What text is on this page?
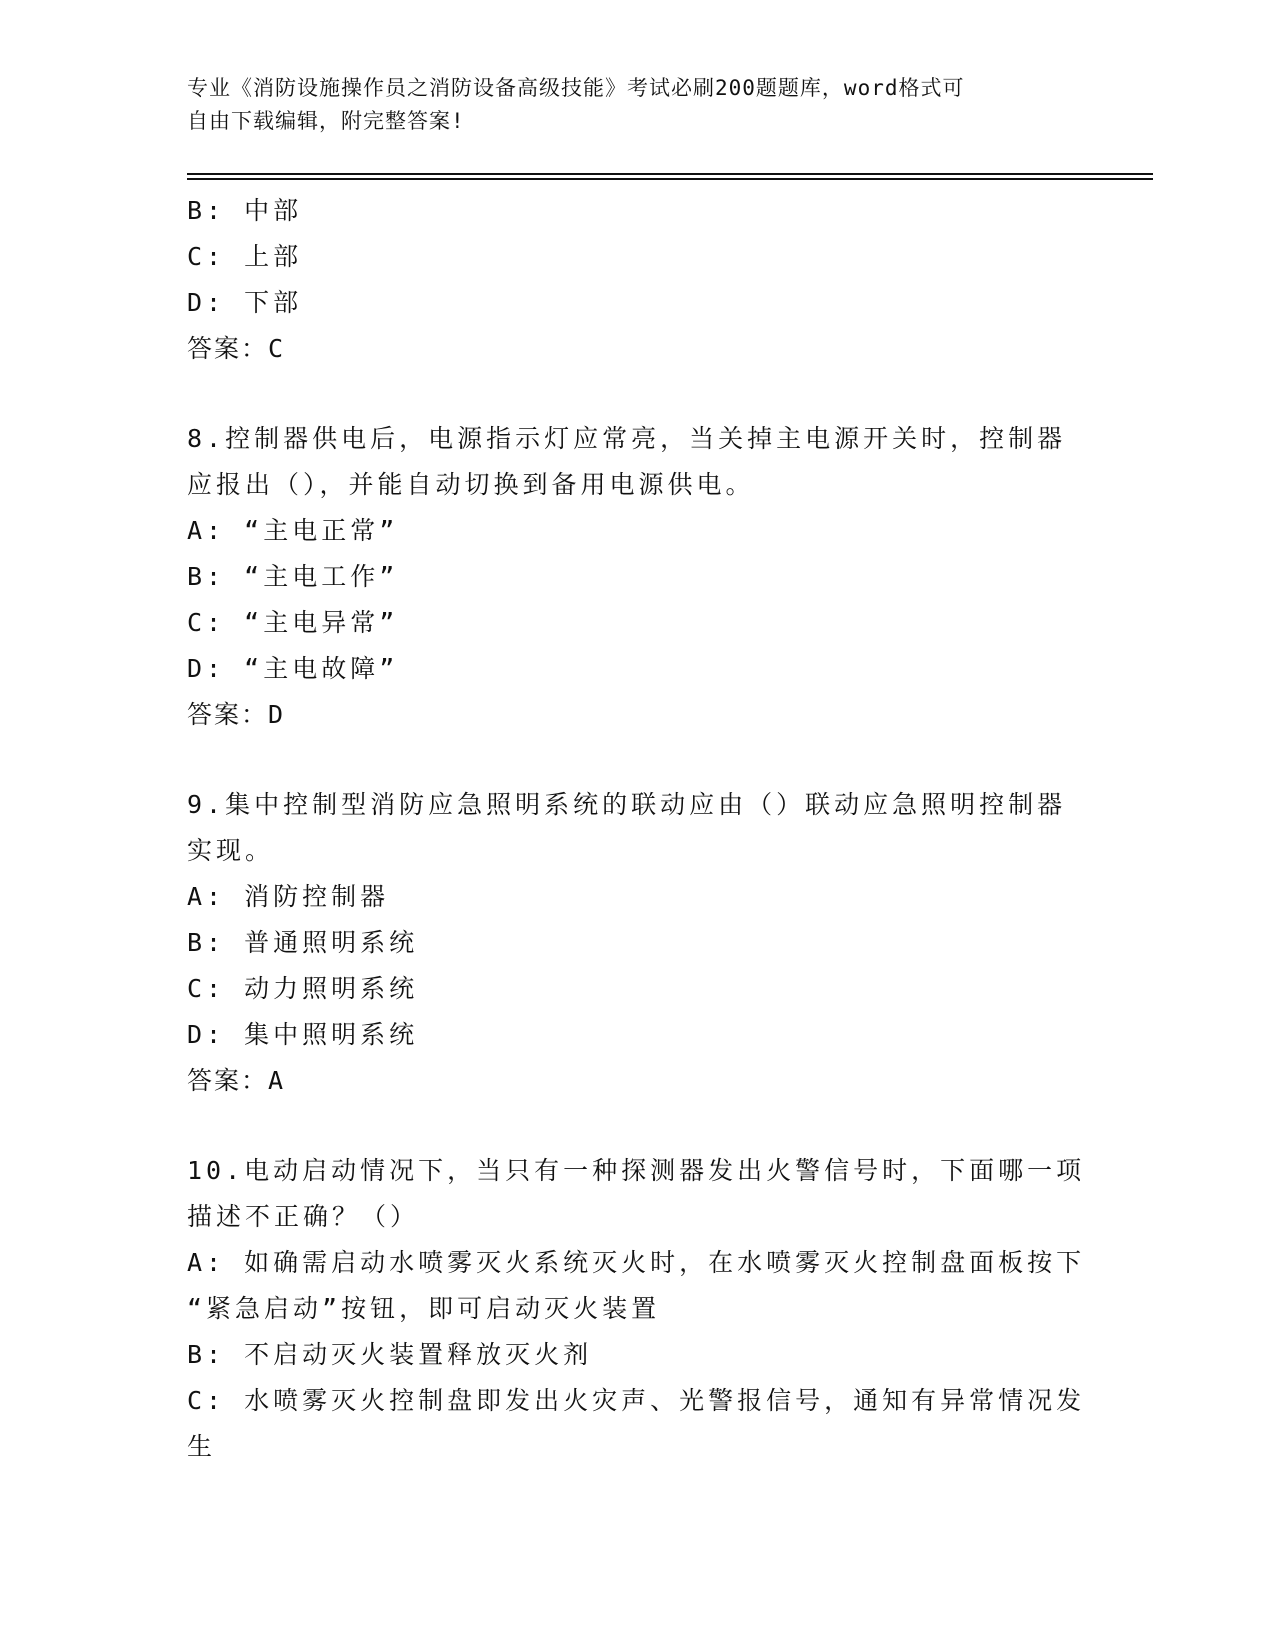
专业《消防设施操作员之消防设备高级技能》考试必刷200题题库，word格式可
自由下载编辑，附完整答案!
B: 中部
C: 上部
D: 下部
答案：C
8.控制器供电后，电源指示灯应常亮，当关掉主电源开关时，控制器
应报出（），并能自动切换到备用电源供电。
A: “主电正常”
B: “主电工作”
C: “主电异常”
D: “主电故障”
答案：D
9.集中控制型消防应急照明系统的联动应由（）联动应急照明控制器
实现。
A: 消防控制器
B: 普通照明系统
C: 动力照明系统
D: 集中照明系统
答案：A
10.电动启动情况下，当只有一种探测器发出火警信号时，下面哪一项
描述不正确？（）
A: 如确需启动水喷雾灭火系统灭火时，在水喷雾灭火控制盘面板按下
“紧急启动”按钮，即可启动灭火装置
B: 不启动灭火装置释放灭火剂
C: 水喷雾灭火控制盘即发出火灾声、光警报信号，通知有异常情况发
生
